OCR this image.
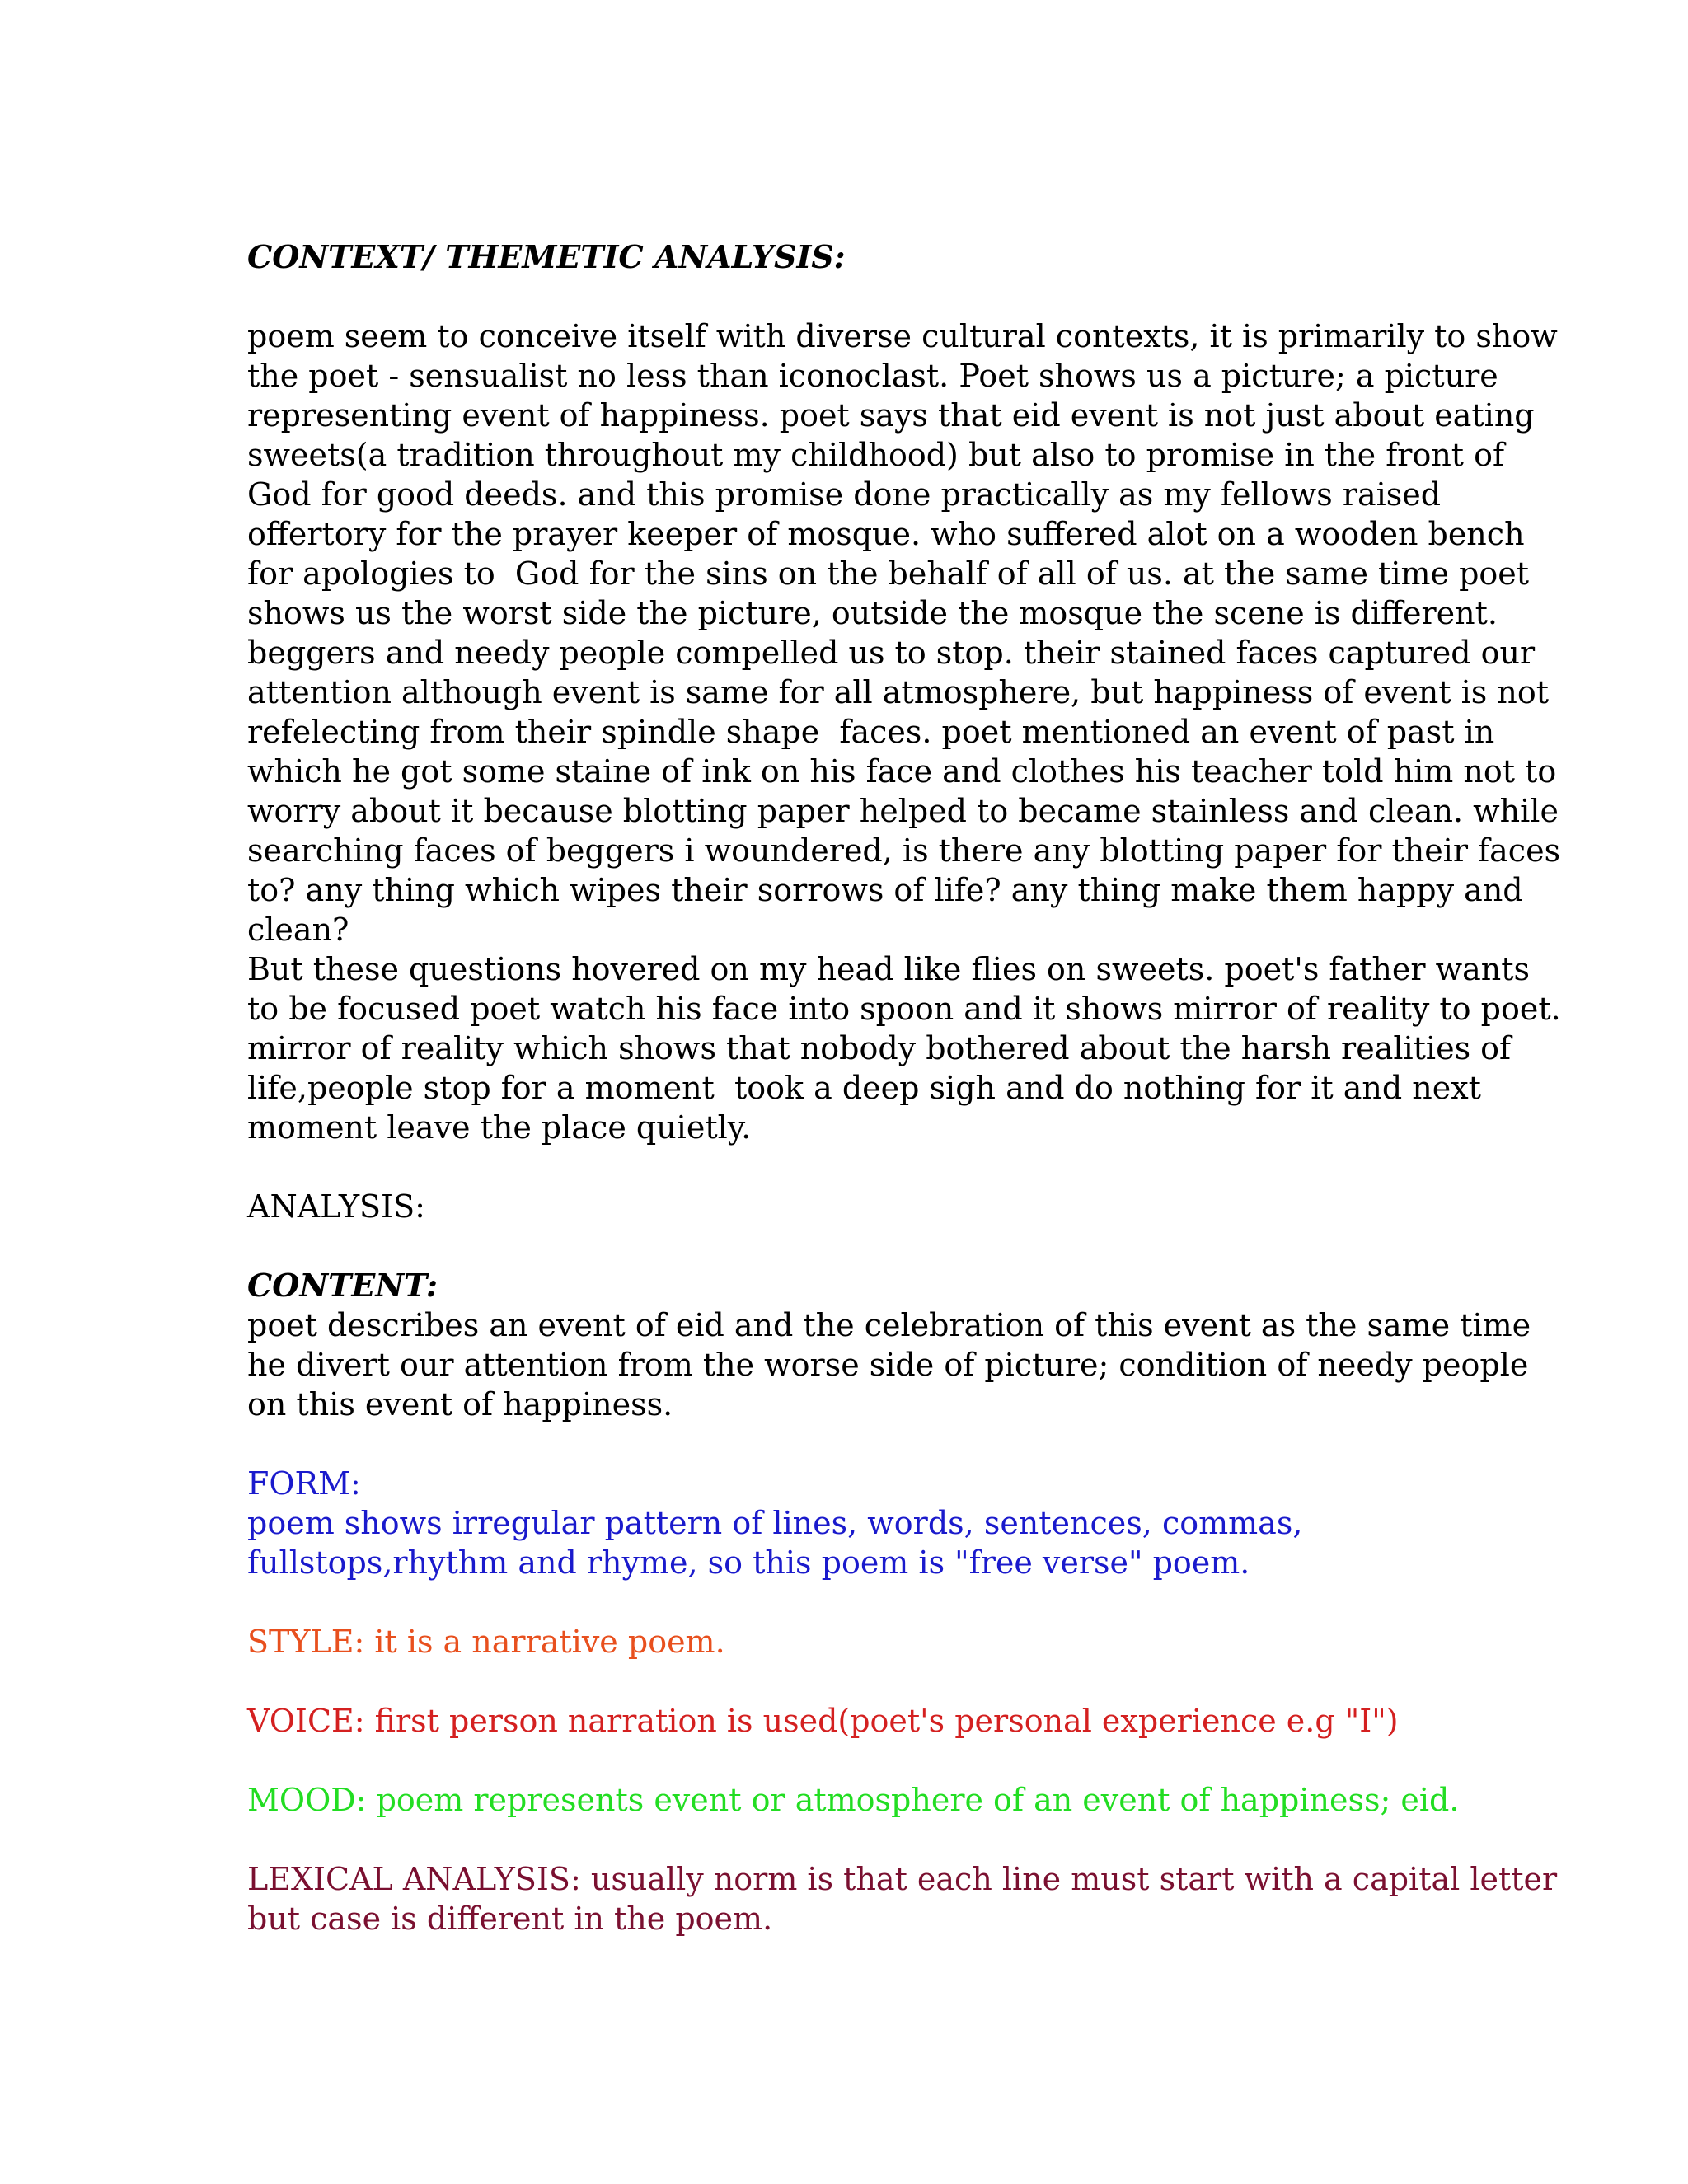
CONTEXT/ THEMETIC ANALYSIS:
poem seem to conceive itself with diverse cultural contexts, it is primarily to show
the poet - sensualist no less than iconoclast. Poet shows us a picture; a picture
representing event of happiness. poet says that eid event is not just about eating
sweets(a tradition throughout my childhood) but also to promise in the front of
God for good deeds. and this promise done practically as my fellows raised
offertory for the prayer keeper of mosque. who suffered alot on a wooden bench
for apologies to  God for the sins on the behalf of all of us. at the same time poet
shows us the worst side the picture, outside the mosque the scene is different.
beggers and needy people compelled us to stop. their stained faces captured our
attention although event is same for all atmosphere, but happiness of event is not
refelecting from their spindle shape  faces. poet mentioned an event of past in
which he got some staine of ink on his face and clothes his teacher told him not to
worry about it because blotting paper helped to became stainless and clean. while
searching faces of beggers i woundered, is there any blotting paper for their faces
to? any thing which wipes their sorrows of life? any thing make them happy and
clean?
But these questions hovered on my head like flies on sweets. poet's father wants
to be focused poet watch his face into spoon and it shows mirror of reality to poet.
mirror of reality which shows that nobody bothered about the harsh realities of
life,people stop for a moment  took a deep sigh and do nothing for it and next
moment leave the place quietly.
ANALYSIS:
CONTENT:
poet describes an event of eid and the celebration of this event as the same time
he divert our attention from the worse side of picture; condition of needy people
on this event of happiness.
FORM:
poem shows irregular pattern of lines, words, sentences, commas,
fullstops,rhythm and rhyme, so this poem is "free verse" poem.
STYLE: it is a narrative poem.
VOICE: first person narration is used(poet's personal experience e.g "I")
MOOD: poem represents event or atmosphere of an event of happiness; eid.
LEXICAL ANALYSIS: usually norm is that each line must start with a capital letter
but case is different in the poem.
